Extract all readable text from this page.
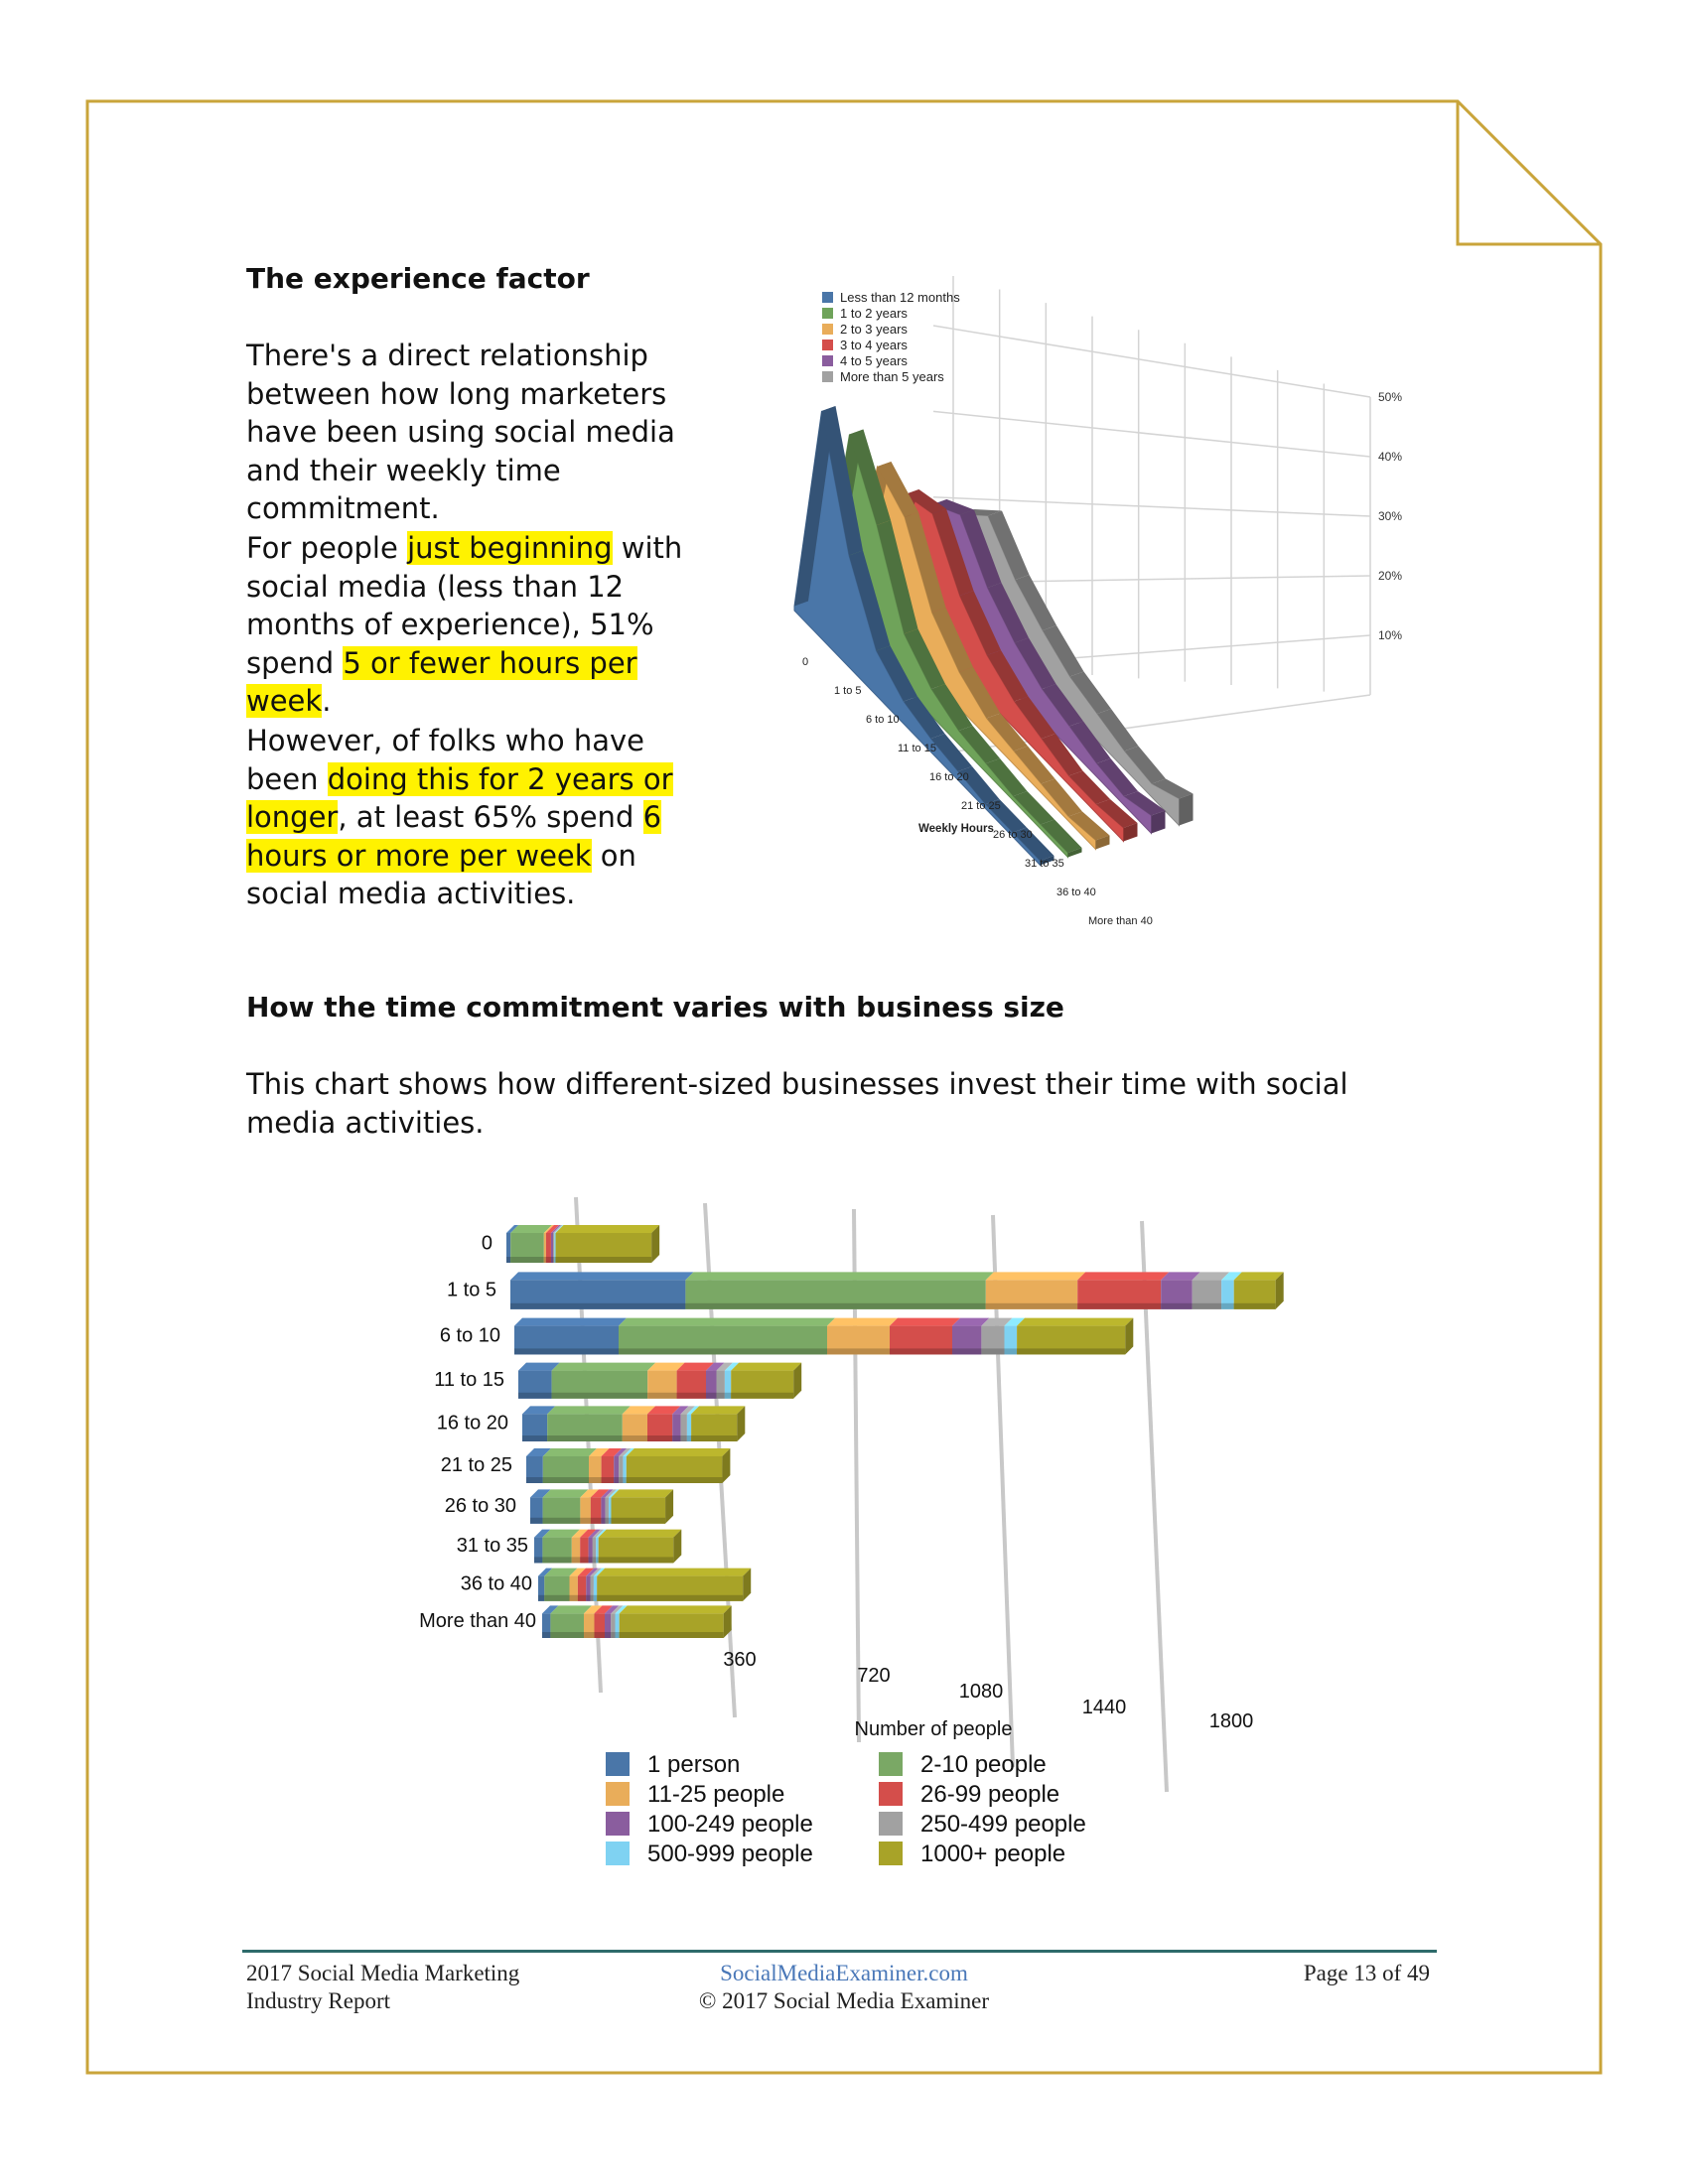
The experience factor
There's a direct relationship between how long marketers have been using social media and their weekly time commitment.
For people just beginning with social media (less than 12 months of experience), 51% spend 5 or fewer hours per week.
However, of folks who have been doing this for 2 years or longer, at least 65% spend 6 hours or more per week on social media activities.
10%
20%
30%
40%
50%
0
1 to 5
6 to 10
11 to 15
16 to 20
21 to 25
26 to 30
31 to 35
36 to 40
More than 40
Weekly Hours
Less than 12 months
1 to 2 years
2 to 3 years
3 to 4 years
4 to 5 years
More than 5 years
How the time commitment varies with business size
This chart shows how different-sized businesses invest their time with social media activities.
0
1 to 5
6 to 10
11 to 15
16 to 20
21 to 25
26 to 30
31 to 35
36 to 40
More than 40
360
720
1080
1440
1800
Number of people
1 person	2-10 people
11-25 people	26-99 people
100-249 people	250-499 people
500-999 people	1000+ people
2017 Social Media Marketing
Industry Report
SocialMediaExaminer.com
© 2017 Social Media Examiner
Page 13 of 49
